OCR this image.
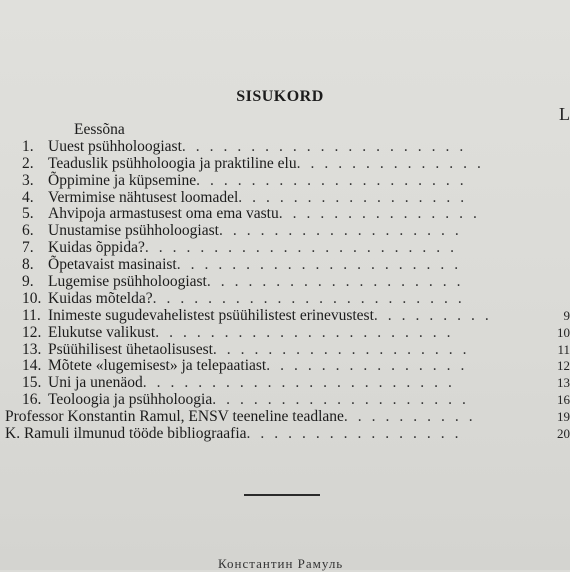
SISUKORD
L
Eessõna
1. Uuest psühholoogiast.....................
2. Teaduslik psühholoogia ja praktiline elu..............
3. Õppimine ja küpsemine....................
4. Vermimise nähtusest loomadel.................
5. Ahvipoja armastusest oma ema vastu...............
6. Unustamise psühholoogiast..................
7. Kuidas õppida?.......................
8. Õpetavaist masinaist.....................
9. Lugemise psühholoogiast...................
10. Kuidas mõtelda?.......................
11. Inimeste sugudevahelistest psüühilistest erinevustest.........	9
12. Elukutse valikust......................	10
13. Psüühilisest ühetaolisusest...................	11
14. Mõtete «lugemisest» ja telepaatiast...............	12
15. Uni ja unenäod.......................	13
16. Teoloogia ja psühholoogia...................	16
Professor Konstantin Ramul, ENSV teeneline teadlane..........	19
K. Ramuli ilmunud tööde bibliograafia................	20
Константин Рамуль
